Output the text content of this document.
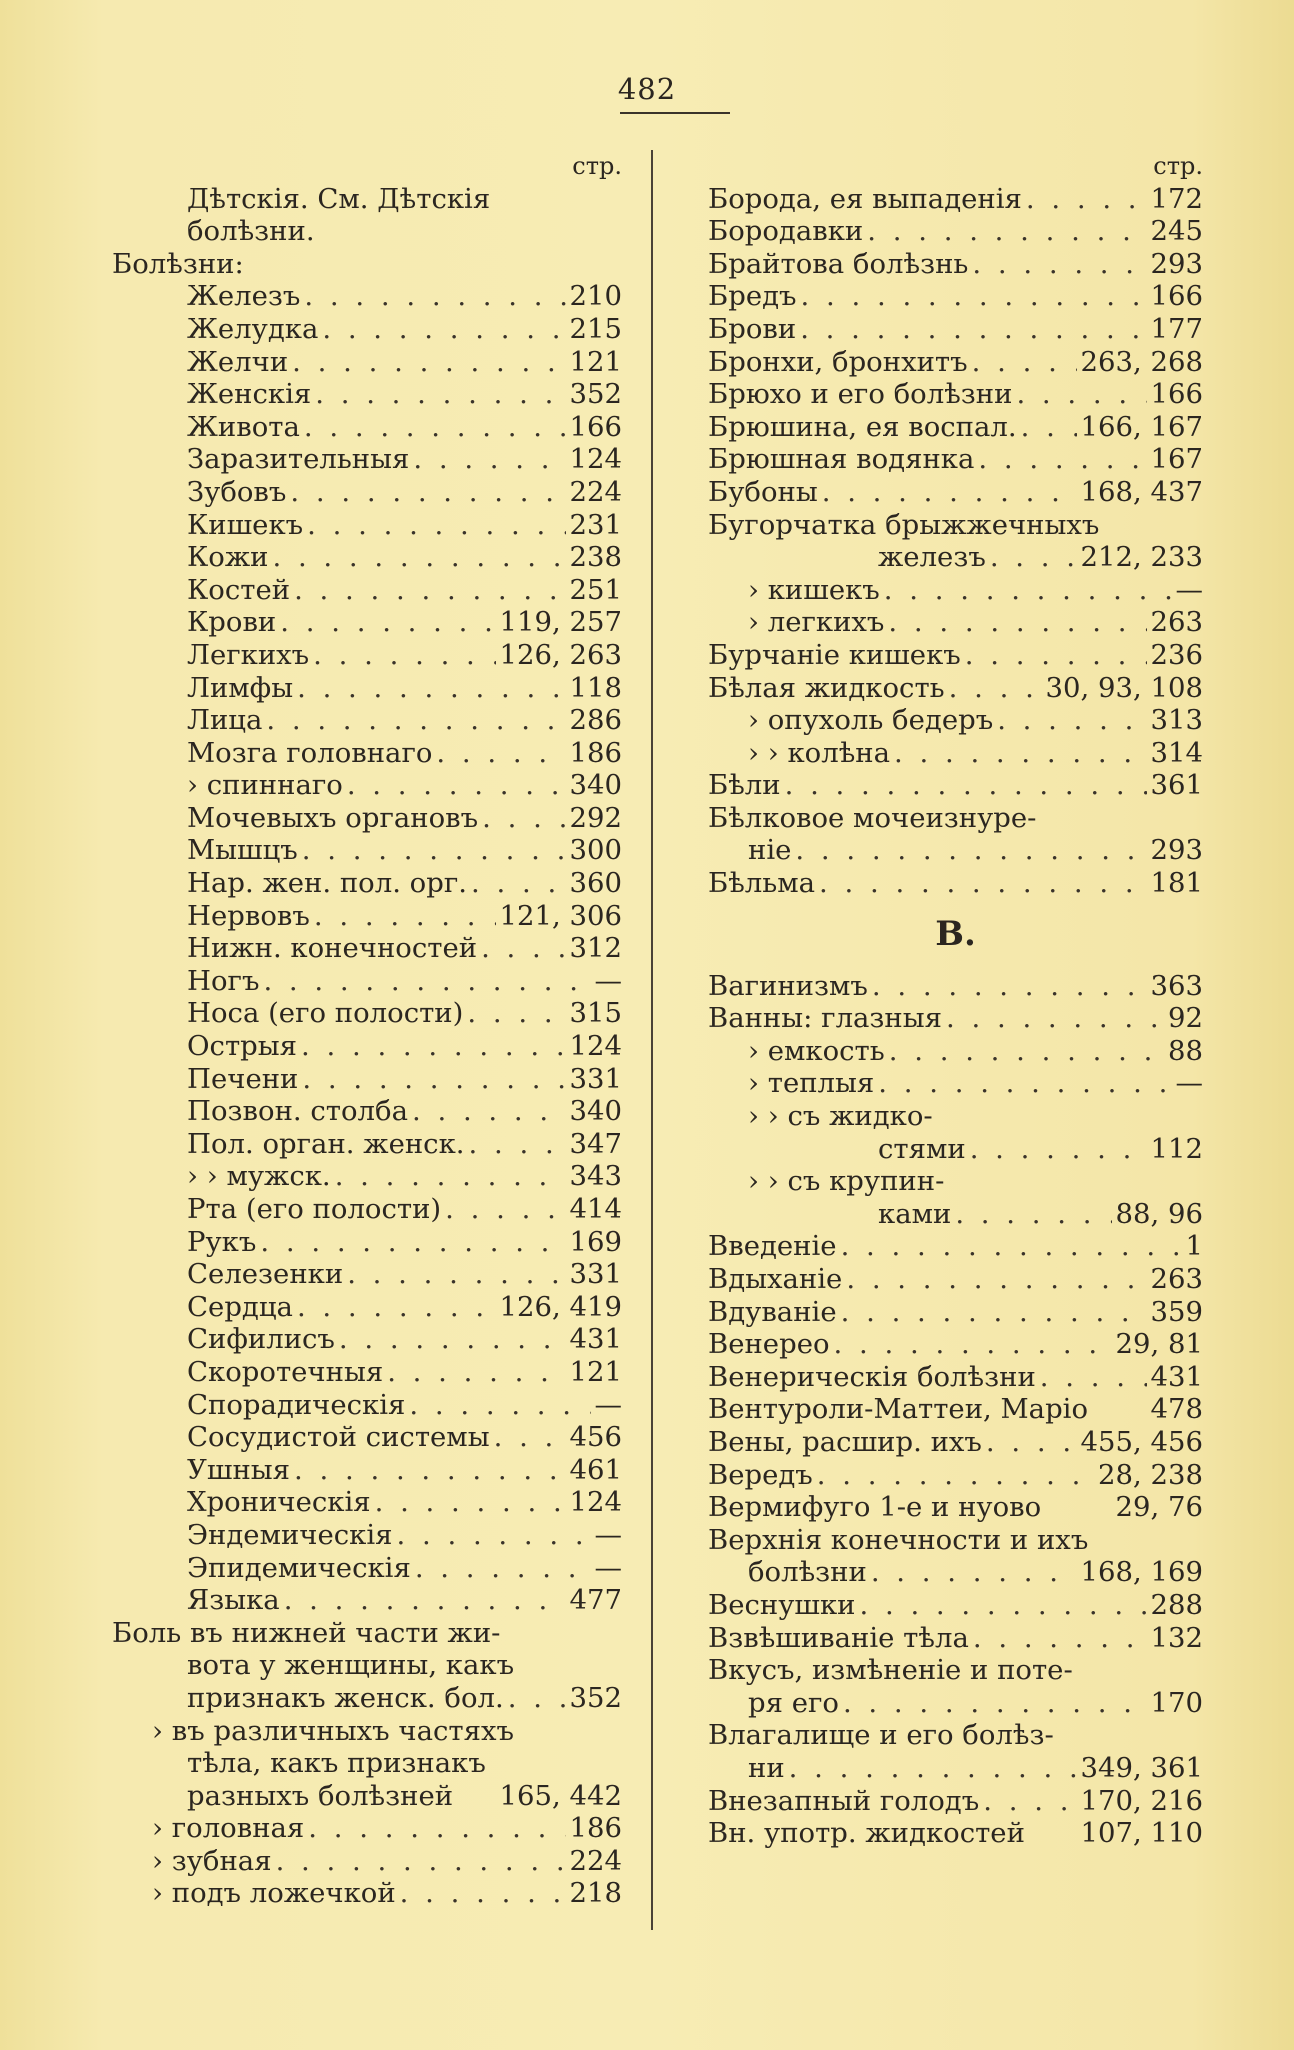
482
стр.
Дѣтскія. См. Дѣтскія
болѣзни.
Болѣзни:
Железъ . . .	210
Желудка . . .	215
Желчи . . .	121
Женскія . . .	352
Живота . . .	166
Заразительныя . . .	124
Зубовъ . . .	224
Кишекъ . . .	231
Кожи . . .	238
Костей . . .	251
Крови . . .	119, 257
Легкихъ . . .	126, 263
Лимфы . . .	118
Лица . . .	286
Мозга головнаго . . .	186
› спиннаго . . .	340
Мочевыхъ органовъ . . .	292
Мышцъ . . .	300
Нар. жен. пол. орг. . . .	360
Нервовъ . . .	121, 306
Нижн. конечностей . . .	312
Ногъ . . .	—
Носа (его полости) . . .	315
Острыя . . .	124
Печени . . .	331
Позвон. столба . . .	340
Пол. орган. женск. . . .	347
› › мужск. . . .	343
Рта (его полости) . . .	414
Рукъ . . .	169
Селезенки . . .	331
Сердца . . .	126, 419
Сифилисъ . . .	431
Скоротечныя . . .	121
Спорадическія . . .	—
Сосудистой системы . . .	456
Ушныя . . .	461
Хроническія . . .	124
Эндемическія . . .	—
Эпидемическія . . .	—
Языка . . .	477
Боль въ нижней части жи-
вота у женщины, какъ
признакъ женск. бол. . . . 352
› въ различныхъ частяхъ
тѣла, какъ признакъ
разныхъ болѣзней 165, 442
› головная . . .	186
› зубная . . .	224
› подъ ложечкой . . .	218
стр.
Борода, ея выпаденія . . .	172
Бородавки . . .	245
Брайтова болѣзнь . . .	293
Бредъ . . .	166
Брови . . .	177
Бронхи, бронхитъ . . .	263, 268
Брюхо и его болѣзни . . .	166
Брюшина, ея воспал. . . . 166, 167
Брюшная водянка . . .	167
Бубоны . . .	168, 437
Бугорчатка брыжжечныхъ
железъ . . .	212, 233
› кишекъ . . .	—
› легкихъ . . .	263
Бурчаніе кишекъ . . .	236
Бѣлая жидкость . . .	30, 93, 108
› опухоль бедеръ . . .	313
› › колѣна . . .	314
Бѣли . . .	361
Бѣлковое мочеизнуре-
ніе . . .	293
Бѣльма . . .	181
В.
Вагинизмъ . . .	363
Ванны: глазныя . . .	92
› емкость . . .	88
› теплыя . . .	—
› › съ жидко-
стями . . .	112
› › съ крупин-
ками . . .	88, 96
Введеніе . . .	1
Вдыханіе . . .	263
Вдуваніе . . .	359
Венерео . . .	29, 81
Венерическія болѣзни . . .	431
Вентуроли-Маттеи, Маріо 478
Вены, расшир. ихъ . . .	455, 456
Вередъ . . .	28, 238
Вермифуго 1-е и нуово	29, 76
Верхнія конечности и ихъ
болѣзни . . .	168, 169
Веснушки . . .	288
Взвѣшиваніе тѣла . . .	132
Вкусъ, измѣненіе и поте-
ря его . . .	170
Влагалище и его болѣз-
ни . . .	349, 361
Внезапный голодъ . . .	170, 216
Вн. употр. жидкостей 107, 110
